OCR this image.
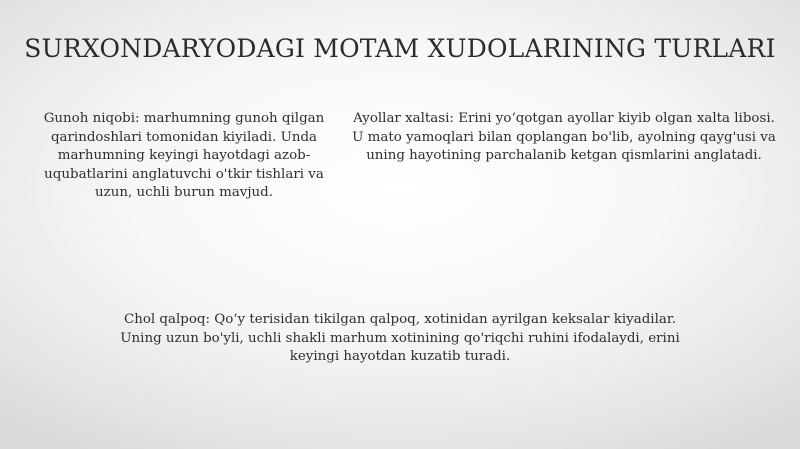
SURXONDARYODAGI MOTAM XUDOLARINING TURLARI
Gunoh niqobi: marhumning gunoh qilgan qarindoshlari tomonidan kiyiladi. Unda marhumning keyingi hayotdagi azob-uqubatlarini anglatuvchi o'tkir tishlari va uzun, uchli burun mavjud.
Ayollar xaltasi: Erini yo‘qotgan ayollar kiyib olgan xalta libosi. U mato yamoqlari bilan qoplangan bo'lib, ayolning qayg'usi va uning hayotining parchalanib ketgan qismlarini anglatadi.
Chol qalpoq: Qo‘y terisidan tikilgan qalpoq, xotinidan ayrilgan keksalar kiyadilar. Uning uzun bo'yli, uchli shakli marhum xotinining qo'riqchi ruhini ifodalaydi, erini keyingi hayotdan kuzatib turadi.
